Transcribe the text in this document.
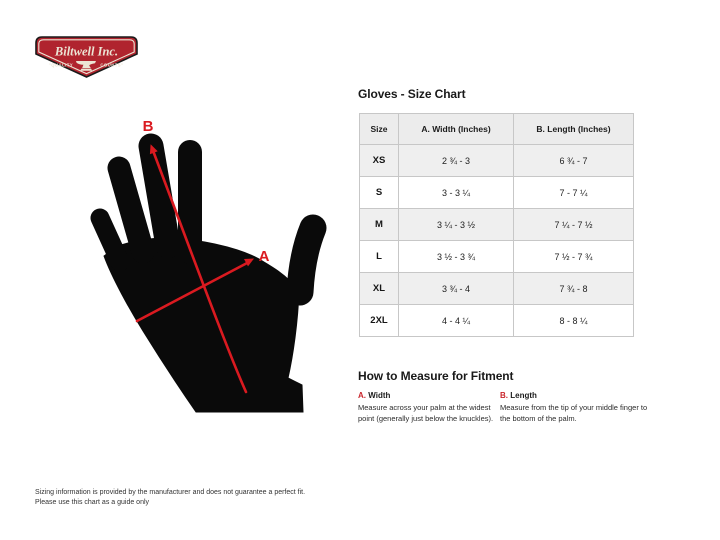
Biltwell Inc.
"QUALITY	COUNTS"
A
B
Gloves - Size Chart
Size	A. Width (Inches)	B. Length (Inches)
XS	2 ¾ - 3	6 ¾ - 7
S	3 - 3 ¼	7 - 7 ¼
M	3 ¼ - 3 ½	7 ¼ - 7 ½
L	3 ½ - 3 ¾	7 ½ - 7 ¾
XL	3 ¾ - 4	7 ¾ - 8
2XL	4 - 4 ¼	8 - 8 ¼
How to Measure for Fitment
A. Width
Measure across your palm at the widest point (generally just below the knuckles).
B. Length
Measure from the tip of your middle finger to the bottom of the palm.
Sizing information is provided by the manufacturer and does not guarantee a perfect fit.
Please use this chart as a guide only
